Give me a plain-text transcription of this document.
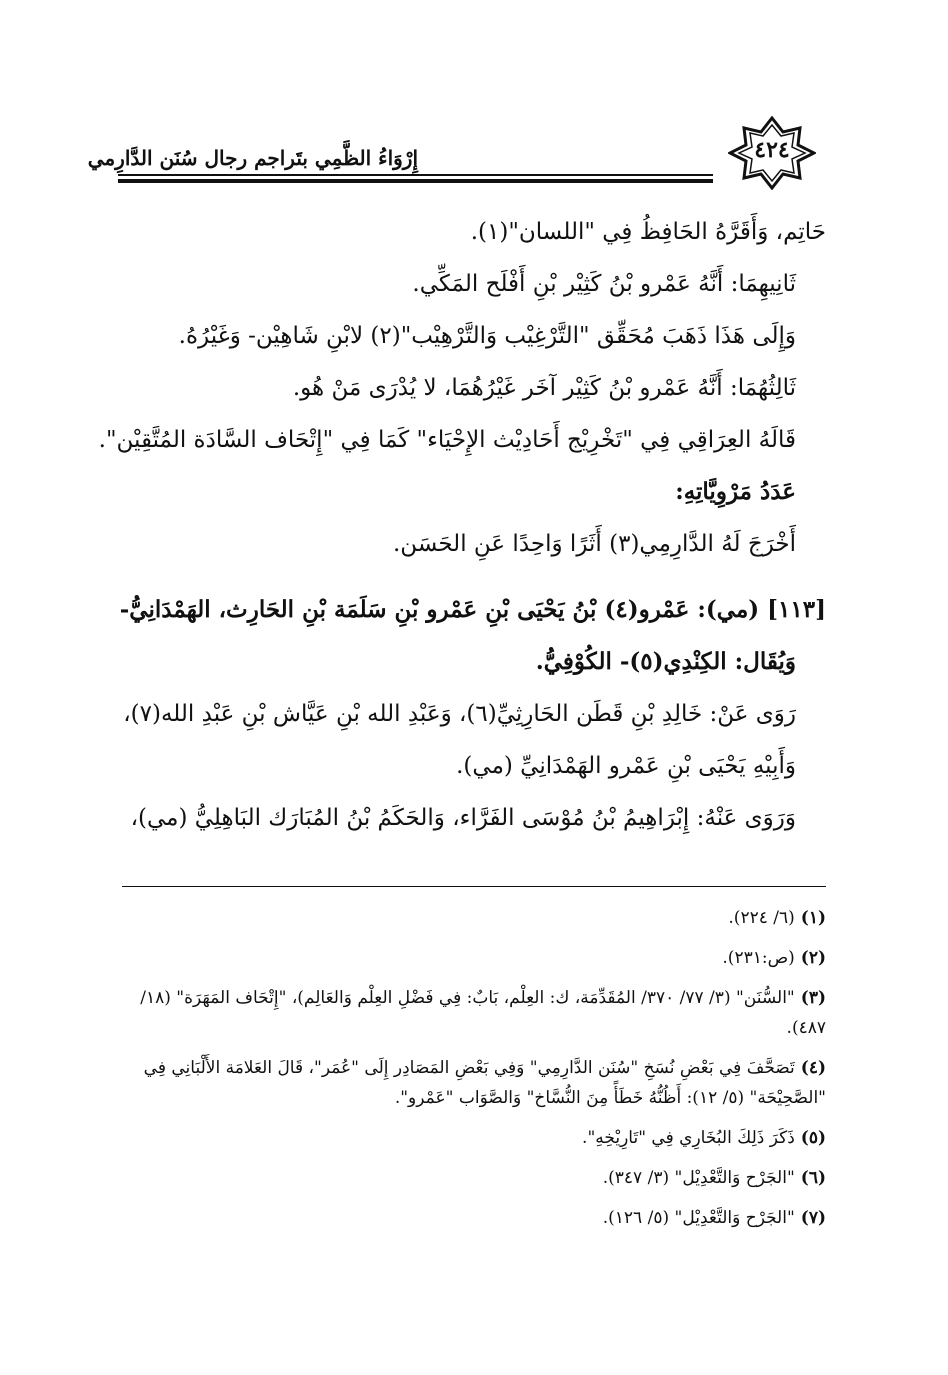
إِرْوَاءُ الظَّمِي بتَراجم رجال سُنَن الدَّارِمي	٤٢٤

حَاتِم، وَأَقَرَّهُ الحَافِظُ فِي "اللسان"(١).

ثَانِيهِمَا: أَنَّهُ عَمْرو بْنُ كَثِيْر بْنِ أَفْلَح المَكِّي.

وَإِلَى هَذَا ذَهَبَ مُحَقِّق "التَّرْغِيْب وَالتَّرْهِيْب"(٢) لابْنِ شَاهِيْن- وَغَيْرُهُ.

ثَالِثُهُمَا: أَنَّهُ عَمْرو بْنُ كَثِيْر آخَر غَيْرُهُمَا، لا يُدْرَى مَنْ هُو.

قَالَهُ العِرَاقِي فِي "تَخْرِيْج أَحَادِيْث الإِحْيَاء" كَمَا فِي "إِتْحَاف السَّادَة المُتَّقِيْن".

عَدَدُ مَرْوِيَّاتِهِ:

أَخْرَجَ لَهُ الدَّارِمِي(٣) أَثَرًا وَاحِدًا عَنِ الحَسَن.

[١١٣] (مي): عَمْرو(٤) بْنُ يَحْيَى بْنِ عَمْرو بْنِ سَلَمَة بْنِ الحَارِث، الهَمْدَانِيُّ-

وَيُقَال: الكِنْدِي(٥)- الكُوْفِيُّ.

رَوَى عَنْ: خَالِدِ بْنِ قَطَن الحَارِثِيِّ(٦)، وَعَبْدِ الله بْنِ عَيَّاش بْنِ عَبْدِ الله(٧)،

وَأَبِيْهِ يَحْيَى بْنِ عَمْرو الهَمْدَانِيِّ (مي).

وَرَوَى عَنْهُ: إِبْرَاهِيمُ بْنُ مُوْسَى الفَرَّاء، وَالحَكَمُ بْنُ المُبَارَك البَاهِلِيُّ (مي)،

(١)(٦/ ٢٢٤).

(٢)(ص:٢٣١).

(٣)"السُّنَن" (٣/ ٧٧/ ٣٧٠/ المُقَدِّمَة، ك: العِلْم، بَابٌ: فِي فَضْلِ العِلْم وَالعَالِم)، "إِتْحَاف المَهَرَة" (١٨/ ٤٨٧).

(٤)تَصَحَّفَ فِي بَعْضِ نُسَخِ "سُنَن الدَّارِمِي" وَفِي بَعْضِ المَصَادِر إِلَى "عُمَر"، قَالَ العَلامَة الأَلْبَانِي فِي "الصَّحِيْحَة" (٥/ ١٢): أَظُنُّهُ خَطَأً مِنَ النُّسَّاخ" وَالصَّوَاب "عَمْرو".

(٥)ذَكَرَ ذَلِكَ البُخَارِي فِي "تَارِيْخِهِ".

(٦)"الجَرْح وَالتَّعْدِيْل" (٣/ ٣٤٧).

(٧)"الجَرْح وَالتَّعْدِيْل" (٥/ ١٢٦).
